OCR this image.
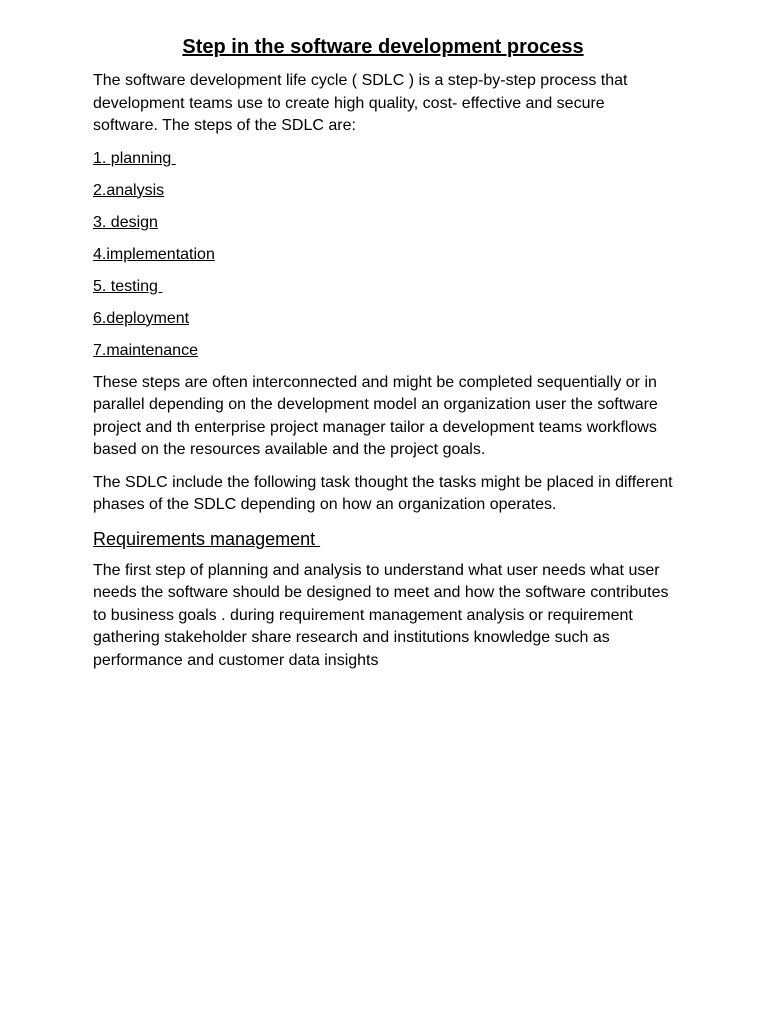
Step in the software development process
The software development life cycle ( SDLC ) is a step-by-step process that development teams use to create high quality, cost- effective and secure software. The steps of the SDLC are:
1. planning
2.analysis
3. design
4.implementation
5. testing
6.deployment
7.maintenance
These steps are often interconnected and might be completed sequentially or in parallel depending on the development model an organization user the software project and th enterprise project manager tailor a development teams workflows based on the resources available and the project goals.
The SDLC include the following task thought the tasks might be placed in different phases of the SDLC depending on how an organization operates.
Requirements management
The first step of planning and analysis to understand what user needs what user needs the software should be designed to meet and how the software contributes to business goals . during requirement management analysis or requirement gathering stakeholder share research and institutions knowledge such as performance and customer data insights
